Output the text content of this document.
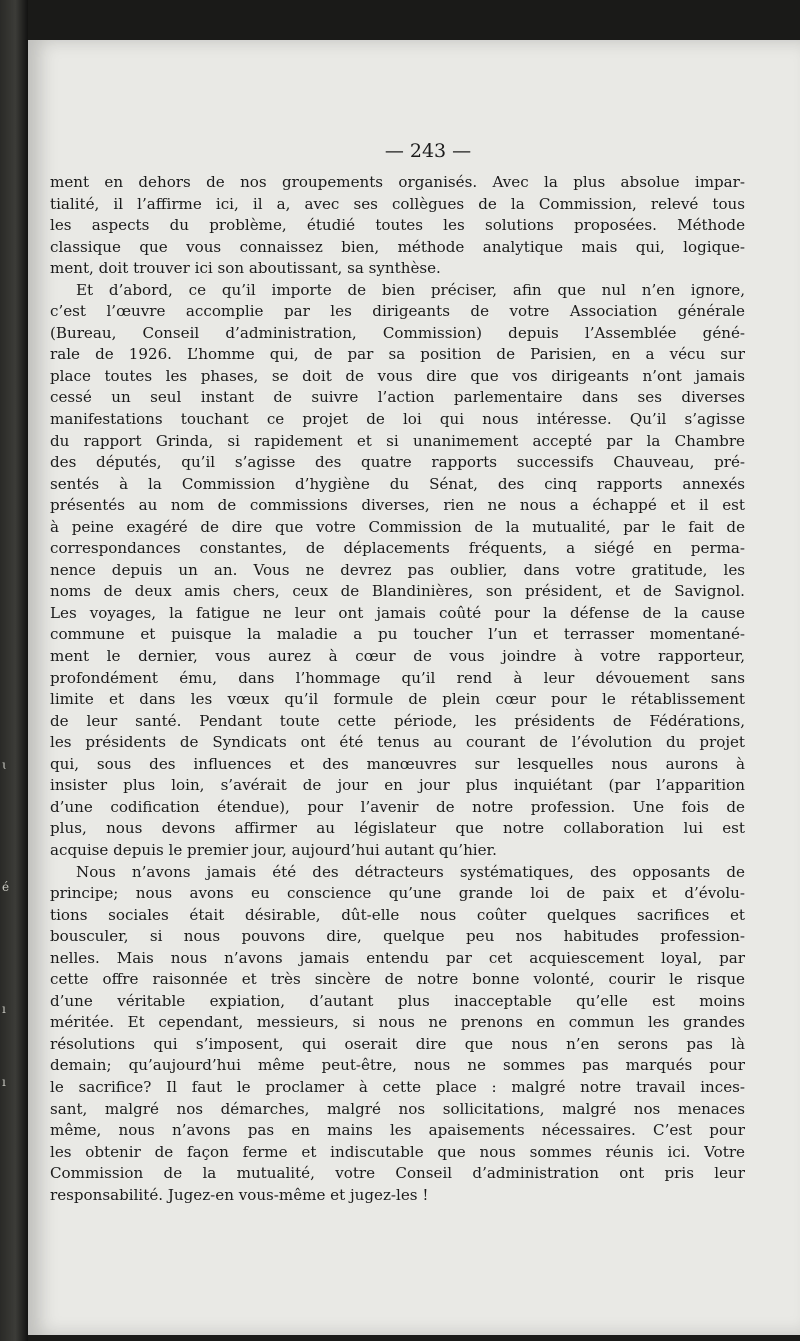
ɩ
é
ı
ı
— 243 —
ment en dehors de nos groupements organisés. Avec la plus absolue impar-
tialité, il l’affirme ici, il a, avec ses collègues de la Commission, relevé tous
les aspects du problème, étudié toutes les solutions proposées. Méthode
classique que vous connaissez bien, méthode analytique mais qui, logique-
ment, doit trouver ici son aboutissant, sa synthèse.
Et d’abord, ce qu’il importe de bien préciser, afin que nul n’en ignore,
c’est l’œuvre accomplie par les dirigeants de votre Association générale
(Bureau, Conseil d’administration, Commission) depuis l’Assemblée géné-
rale de 1926. L’homme qui, de par sa position de Parisien, en a vécu sur
place toutes les phases, se doit de vous dire que vos dirigeants n’ont jamais
cessé un seul instant de suivre l’action parlementaire dans ses diverses
manifestations touchant ce projet de loi qui nous intéresse. Qu’il s’agisse
du rapport Grinda, si rapidement et si unanimement accepté par la Chambre
des députés, qu’il s’agisse des quatre rapports successifs Chauveau, pré-
sentés à la Commission d’hygiène du Sénat, des cinq rapports annexés
présentés au nom de commissions diverses, rien ne nous a échappé et il est
à peine exagéré de dire que votre Commission de la mutualité, par le fait de
correspondances constantes, de déplacements fréquents, a siégé en perma-
nence depuis un an. Vous ne devrez pas oublier, dans votre gratitude, les
noms de deux amis chers, ceux de Blandinières, son président, et de Savignol.
Les voyages, la fatigue ne leur ont jamais coûté pour la défense de la cause
commune et puisque la maladie a pu toucher l’un et terrasser momentané-
ment le dernier, vous aurez à cœur de vous joindre à votre rapporteur,
profondément ému, dans l’hommage qu’il rend à leur dévouement sans
limite et dans les vœux qu’il formule de plein cœur pour le rétablissement
de leur santé. Pendant toute cette période, les présidents de Fédérations,
les présidents de Syndicats ont été tenus au courant de l’évolution du projet
qui, sous des influences et des manœuvres sur lesquelles nous aurons à
insister plus loin, s’avérait de jour en jour plus inquiétant (par l’apparition
d’une codification étendue), pour l’avenir de notre profession. Une fois de
plus, nous devons affirmer au législateur que notre collaboration lui est
acquise depuis le premier jour, aujourd’hui autant qu’hier.
Nous n’avons jamais été des détracteurs systématiques, des opposants de
principe; nous avons eu conscience qu’une grande loi de paix et d’évolu-
tions sociales était désirable, dût-elle nous coûter quelques sacrifices et
bousculer, si nous pouvons dire, quelque peu nos habitudes profession-
nelles. Mais nous n’avons jamais entendu par cet acquiescement loyal, par
cette offre raisonnée et très sincère de notre bonne volonté, courir le risque
d’une véritable expiation, d’autant plus inacceptable qu’elle est moins
méritée. Et cependant, messieurs, si nous ne prenons en commun les grandes
résolutions qui s’imposent, qui oserait dire que nous n’en serons pas là
demain; qu’aujourd’hui même peut-être, nous ne sommes pas marqués pour
le sacrifice? Il faut le proclamer à cette place : malgré notre travail inces-
sant, malgré nos démarches, malgré nos sollicitations, malgré nos menaces
même, nous n’avons pas en mains les apaisements nécessaires. C’est pour
les obtenir de façon ferme et indiscutable que nous sommes réunis ici. Votre
Commission de la mutualité, votre Conseil d’administration ont pris leur
responsabilité. Jugez-en vous-même et jugez-les !
